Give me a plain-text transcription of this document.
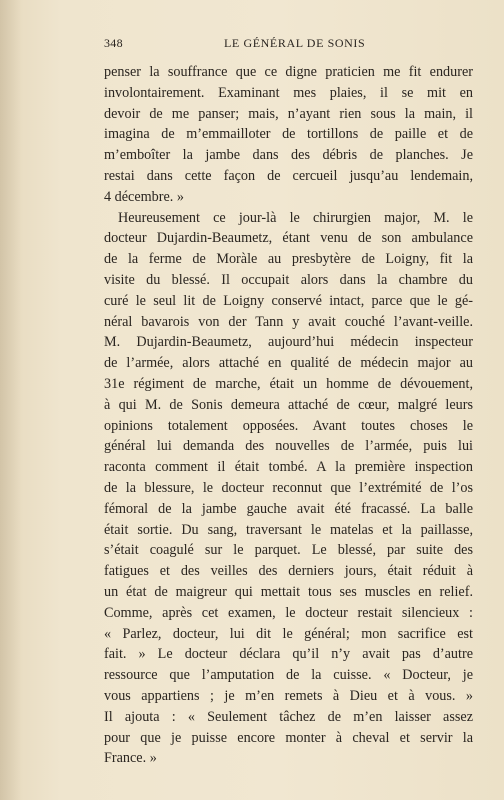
348	LE GÉNÉRAL DE SONIS
penser la souffrance que ce digne praticien me fit endurer
involontairement. Examinant mes plaies, il se mit en
devoir de me panser; mais, n’ayant rien sous la main, il
imagina de m’emmailloter de tortillons de paille et de
m’emboîter la jambe dans des débris de planches. Je
restai dans cette façon de cercueil jusqu’au lendemain,
4 décembre. »
Heureusement ce jour-là le chirurgien major, M. le
docteur Dujardin-Beaumetz, étant venu de son ambulance
de la ferme de Moràle au presbytère de Loigny, fit la
visite du blessé. Il occupait alors dans la chambre du
curé le seul lit de Loigny conservé intact, parce que le gé-
néral bavarois von der Tann y avait couché l’avant-veille.
M. Dujardin-Beaumetz, aujourd’hui médecin inspecteur
de l’armée, alors attaché en qualité de médecin major au
31e régiment de marche, était un homme de dévouement,
à qui M. de Sonis demeura attaché de cœur, malgré leurs
opinions totalement opposées. Avant toutes choses le
général lui demanda des nouvelles de l’armée, puis lui
raconta comment il était tombé. A la première inspection
de la blessure, le docteur reconnut que l’extrémité de l’os
fémoral de la jambe gauche avait été fracassé. La balle
était sortie. Du sang, traversant le matelas et la paillasse,
s’était coagulé sur le parquet. Le blessé, par suite des
fatigues et des veilles des derniers jours, était réduit à
un état de maigreur qui mettait tous ses muscles en relief.
Comme, après cet examen, le docteur restait silencieux :
« Parlez, docteur, lui dit le général; mon sacrifice est
fait. » Le docteur déclara qu’il n’y avait pas d’autre
ressource que l’amputation de la cuisse. « Docteur, je
vous appartiens ; je m’en remets à Dieu et à vous. »
Il ajouta : « Seulement tâchez de m’en laisser assez
pour que je puisse encore monter à cheval et servir la
France. »
